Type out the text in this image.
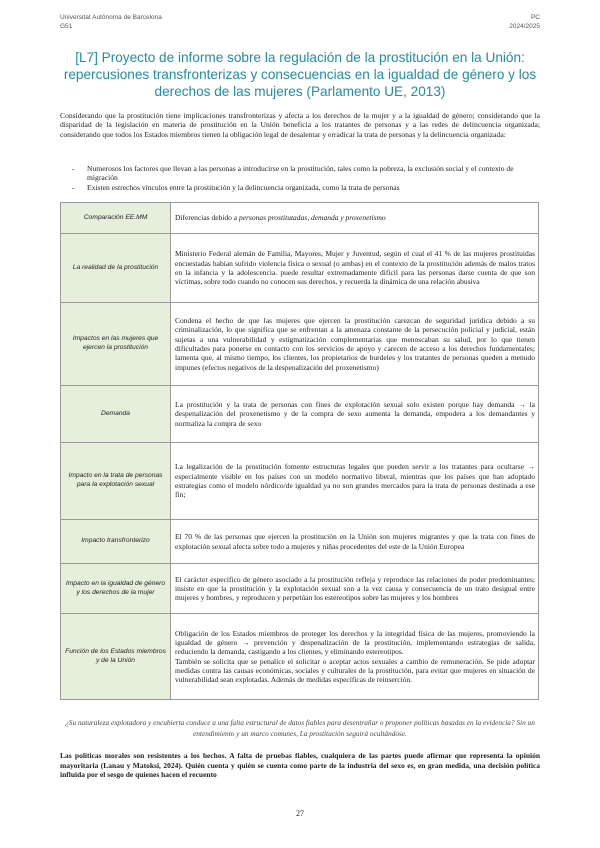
Universitat Autònoma de Barcelona
G51
PC
2024/2025
[L7] Proyecto de informe sobre la regulación de la prostitución en la Unión: repercusiones transfronterizas y consecuencias en la igualdad de género y los derechos de las mujeres (Parlamento UE, 2013)
Considerando que la prostitución tiene implicaciones transfronterizas y afecta a los derechos de la mujer y a la igualdad de género; considerando que la disparidad de la legislación en materia de prostitución en la Unión beneficia a los tratantes de personas y a las redes de delincuencia organizada; considerando que todos los Estados miembros tienen la obligación legal de desalentar y erradicar la trata de personas y la delincuencia organizada:
- Numerosos los factores que llevan a las personas a introducirse en la prostitución, tales como la pobreza, la exclusión social y el contexto de migración
- Existen estrechos vínculos entre la prostitución y la delincuencia organizada, como la trata de personas
Comparación EE.MM	Diferencias debido a personas prostitutadas, demanda y proxenetismo
La realidad de la prostitución	Ministerio Federal alemán de Familia, Mayores, Mujer y Juventud, según el cual el 41 % de las mujeres prostituidas encuestadas habían sufrido violencia física o sexual (o ambas) en el contexto de la prostitución además de malos tratos en la infancia y la adolescencia. puede resultar extremadamente difícil para las personas darse cuenta de que son víctimas, sobre todo cuando no conocen sus derechos, y recuerda la dinámica de una relación abusiva
Impactos en las mujeres que ejercen la prostitución	Condena el hecho de que las mujeres que ejercen la prostitución carezcan de seguridad jurídica debido a su criminalización, lo que significa que se enfrentan a la amenaza constante de la persecución policial y judicial, están sujetas a una vulnerabilidad y estigmatización complementarias que menoscaban su salud, por lo que tienen dificultades para ponerse en contacto con los servicios de apoyo y carecen de acceso a los derechos fundamentales; lamenta que, al mismo tiempo, los clientes, los propietarios de burdeles y los tratantes de personas queden a menudo impunes (efectos negativos de la despenalización del proxenetismo)
Demanda	La prostitución y la trata de personas con fines de explotación sexual solo existen porque hay demanda → la despenalización del proxenetismo y de la compra de sexo aumenta la demanda, empodera a los demandantes y normaliza la compra de sexo
Impacto en la trata de personas para la explotación sexual	La legalización de la prostitución fomente estructuras legales que pueden servir a los tratantes para ocultarse → especialmente visible en los países con un modelo normativo liberal, mientras que los países que han adoptado estrategias como el modelo nórdico/de igualdad ya no son grandes mercados para la trata de personas destinada a ese fin;
Impacto transfronterizo	El 70 % de las personas que ejercen la prostitución en la Unión son mujeres migrantes y que la trata con fines de explotación sexual afecta sobre todo a mujeres y niñas procedentes del este de la Unión Europea
Impacto en la igualdad de género y los derechos de la mujer	El carácter específico de género asociado a la prostitución refleja y reproduce las relaciones de poder predominantes; insiste en que la prostitución y la explotación sexual son a la vez causa y consecuencia de un trato desigual entre mujeres y hombres, y reproducen y perpetúan los estereotipos sobre las mujeres y los hombres
Función de los Estados miembros y de la Unión	Obligación de los Estados miembros de proteger los derechos y la integridad física de las mujeres, promoviendo la igualdad de género → prevención y despenalización de la prostitución, implementando estrategias de salida, reduciendo la demanda, castigando a los clientes, y eliminando estereotipos.
También se solicita que se penalice el solicitar o aceptar actos sexuales a cambio de remuneración. Se pide adoptar medidas contra las causas económicas, sociales y culturales de la prostitución, para evitar que mujeres en situación de vulnerabilidad sean explotadas. Además de medidas específicas de reinserción.
¿Su naturaleza explotadora y encubierta conduce a una falta estructural de datos fiables para desentrañar o proponer políticas basadas en la evidencia? Sin un entendimiento y un marco comunes, La prostitución seguirá ocultándose.
Las políticas morales son resistentes a los hechos. A falta de pruebas fiables, cualquiera de las partes puede afirmar que representa la opinión mayoritaria (Lanau y Matoksi, 2024). Quién cuenta y quién se cuenta como parte de la industria del sexo es, en gran medida, una decisión política influida por el sesgo de quienes hacen el recuento
27
